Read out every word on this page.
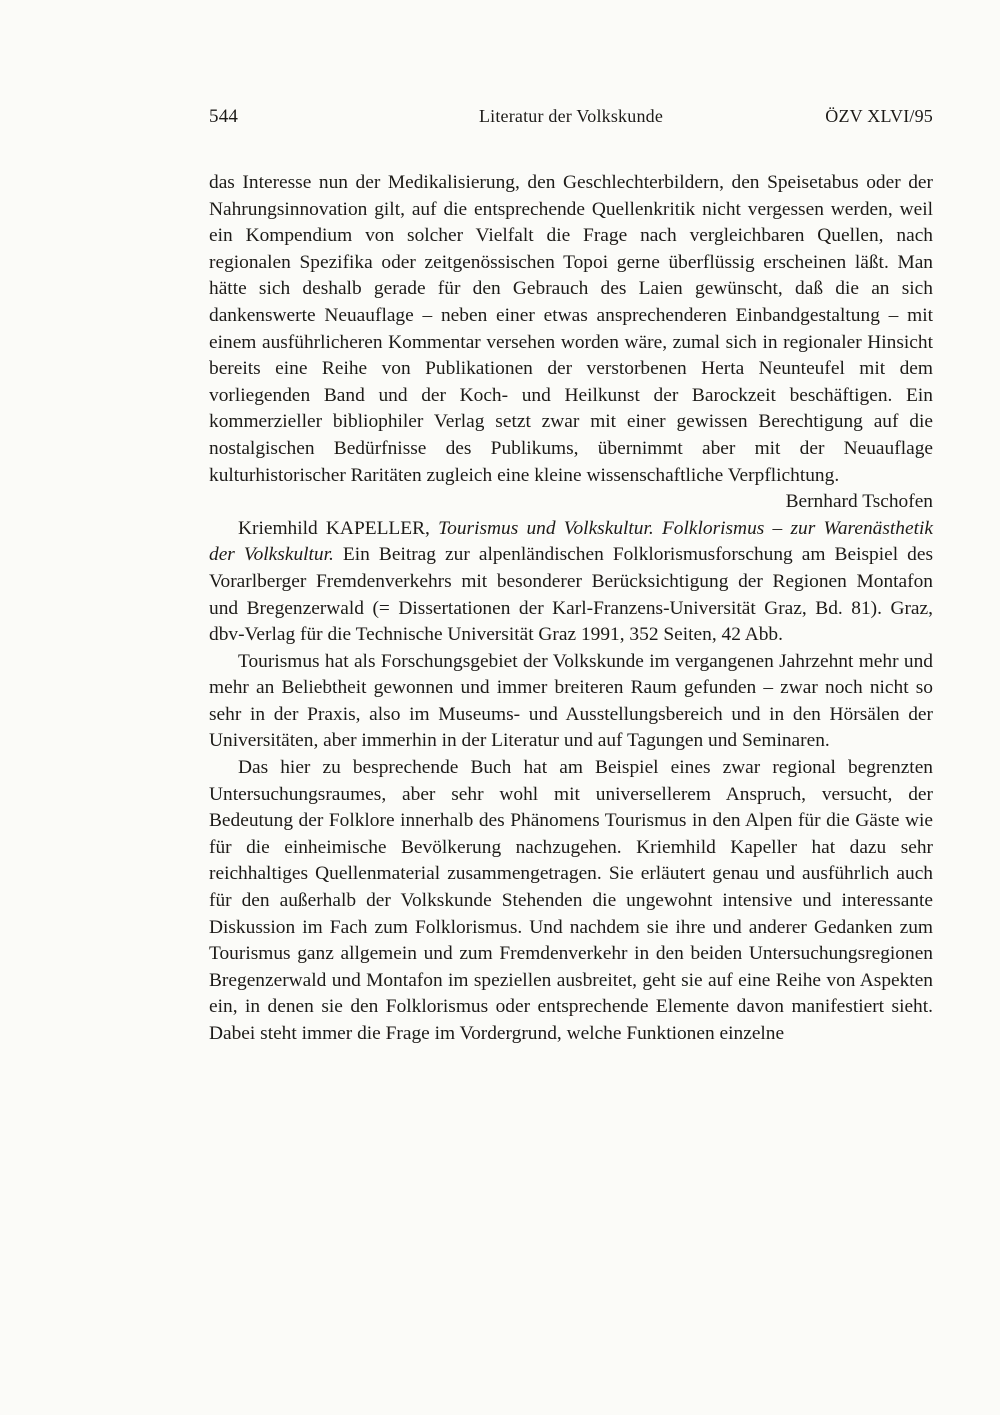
544	Literatur der Volkskunde	ÖZV XLVI/95

das Interesse nun der Medikalisierung, den Geschlechterbildern, den Speisetabus oder der Nahrungsinnovation gilt, auf die entsprechende Quellenkritik nicht vergessen werden, weil ein Kompendium von solcher Vielfalt die Frage nach vergleichbaren Quellen, nach regionalen Spezifika oder zeitgenössischen Topoi gerne überflüssig erscheinen läßt. Man hätte sich deshalb gerade für den Gebrauch des Laien gewünscht, daß die an sich dankenswerte Neuauflage – neben einer etwas ansprechenderen Einbandgestaltung – mit einem ausführlicheren Kommentar versehen worden wäre, zumal sich in regionaler Hinsicht bereits eine Reihe von Publikationen der verstorbenen Herta Neunteufel mit dem vorliegenden Band und der Koch- und Heilkunst der Barockzeit beschäftigen. Ein kommerzieller bibliophiler Verlag setzt zwar mit einer gewissen Berechtigung auf die nostalgischen Bedürfnisse des Publikums, übernimmt aber mit der Neuauflage kulturhistorischer Raritäten zugleich eine kleine wissenschaftliche Verpflichtung.

Bernhard Tschofen

Kriemhild KAPELLER, Tourismus und Volkskultur. Folklorismus – zur Warenästhetik der Volkskultur. Ein Beitrag zur alpenländischen Folklorismusforschung am Beispiel des Vorarlberger Fremdenverkehrs mit besonderer Berücksichtigung der Regionen Montafon und Bregenzerwald (= Dissertationen der Karl-Franzens-Universität Graz, Bd. 81). Graz, dbv-Verlag für die Technische Universität Graz 1991, 352 Seiten, 42 Abb.

Tourismus hat als Forschungsgebiet der Volkskunde im vergangenen Jahrzehnt mehr und mehr an Beliebtheit gewonnen und immer breiteren Raum gefunden – zwar noch nicht so sehr in der Praxis, also im Museums- und Ausstellungsbereich und in den Hörsälen der Universitäten, aber immerhin in der Literatur und auf Tagungen und Seminaren.

Das hier zu besprechende Buch hat am Beispiel eines zwar regional begrenzten Untersuchungsraumes, aber sehr wohl mit universellerem Anspruch, versucht, der Bedeutung der Folklore innerhalb des Phänomens Tourismus in den Alpen für die Gäste wie für die einheimische Bevölkerung nachzugehen. Kriemhild Kapeller hat dazu sehr reichhaltiges Quellenmaterial zusammengetragen. Sie erläutert genau und ausführlich auch für den außerhalb der Volkskunde Stehenden die ungewohnt intensive und interessante Diskussion im Fach zum Folklorismus. Und nachdem sie ihre und anderer Gedanken zum Tourismus ganz allgemein und zum Fremdenverkehr in den beiden Untersuchungsregionen Bregenzerwald und Montafon im speziellen ausbreitet, geht sie auf eine Reihe von Aspekten ein, in denen sie den Folklorismus oder entsprechende Elemente davon manifestiert sieht. Dabei steht immer die Frage im Vordergrund, welche Funktionen einzelne
